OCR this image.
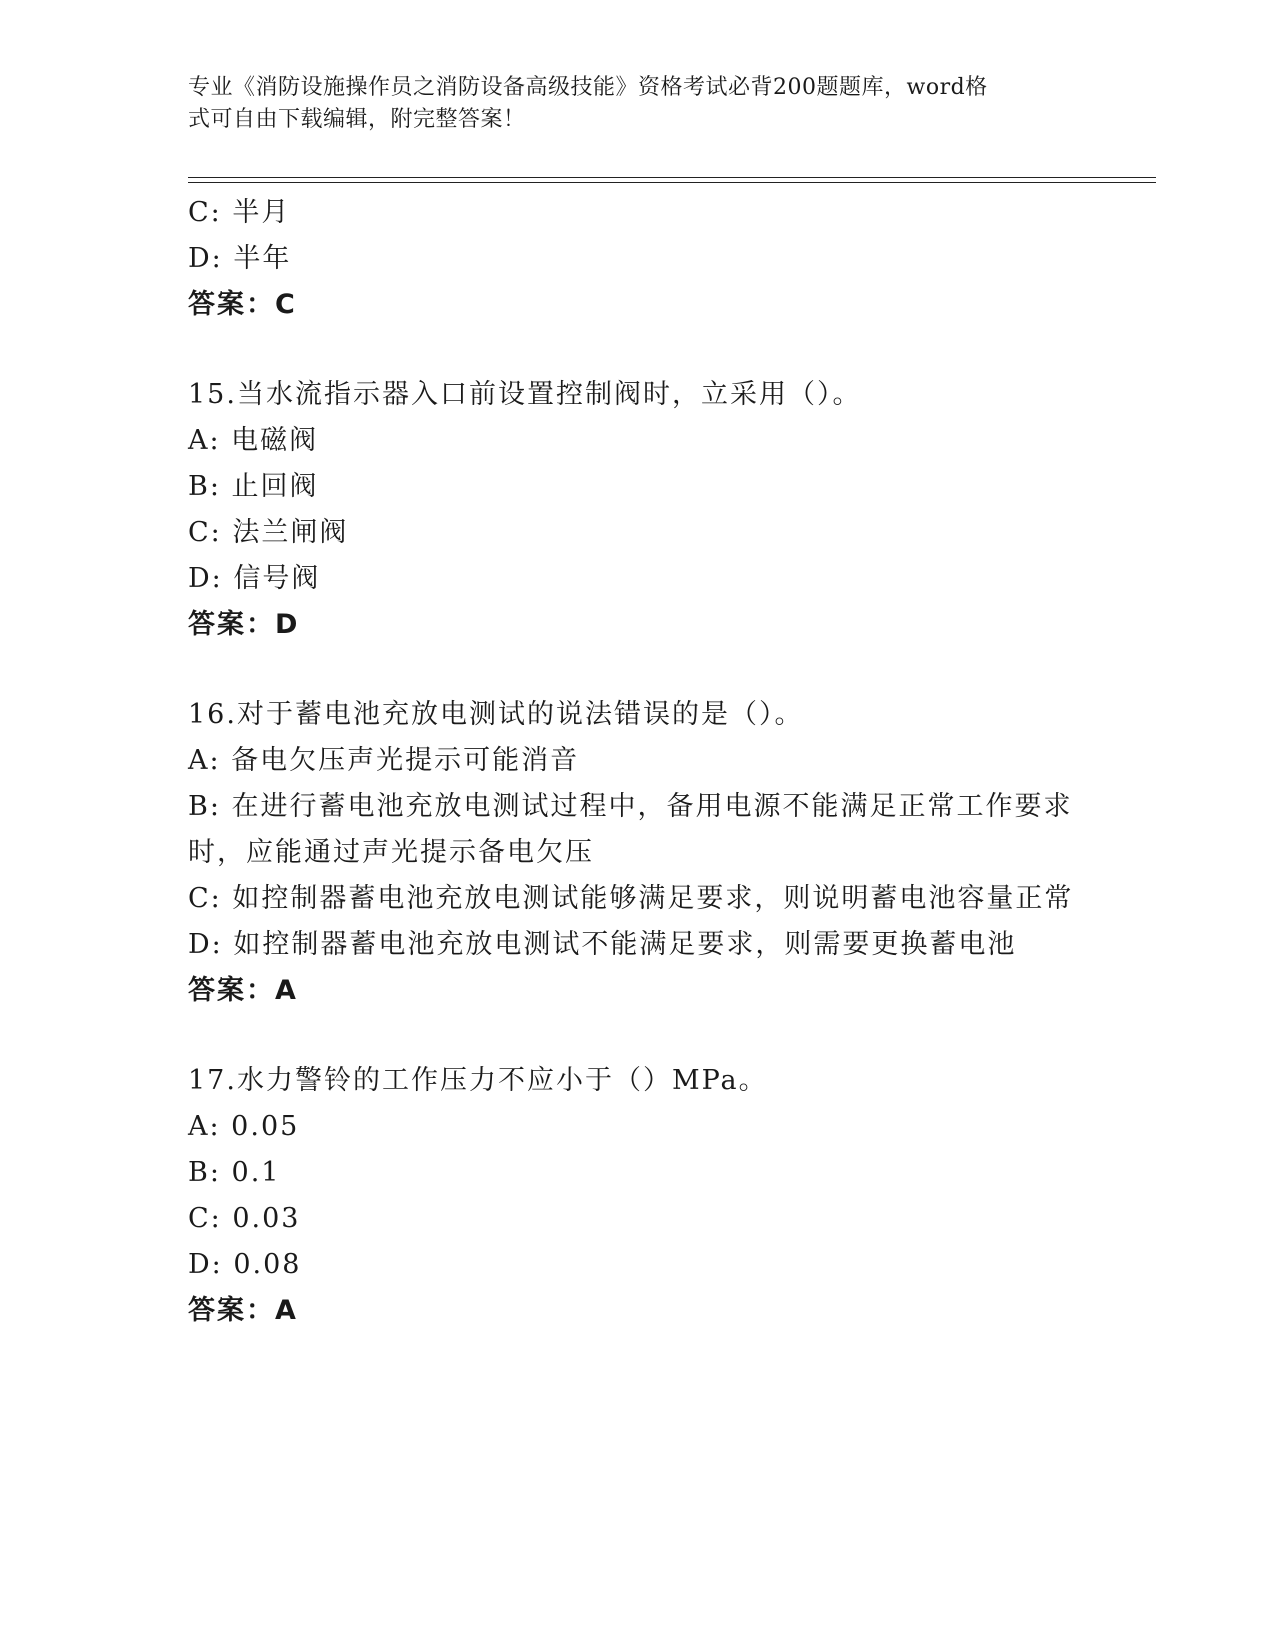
专业《消防设施操作员之消防设备高级技能》资格考试必背200题题库，word格
式可自由下载编辑，附完整答案！
C: 半月
D: 半年
答案：C
15.当水流指示器入口前设置控制阀时，立采用（）。
A: 电磁阀
B: 止回阀
C: 法兰闸阀
D: 信号阀
答案：D
16.对于蓄电池充放电测试的说法错误的是（）。
A: 备电欠压声光提示可能消音
B: 在进行蓄电池充放电测试过程中，备用电源不能满足正常工作要求
时，应能通过声光提示备电欠压
C: 如控制器蓄电池充放电测试能够满足要求，则说明蓄电池容量正常
D: 如控制器蓄电池充放电测试不能满足要求，则需要更换蓄电池
答案：A
17.水力警铃的工作压力不应小于（）MPa。
A: 0.05
B: 0.1
C: 0.03
D: 0.08
答案：A
